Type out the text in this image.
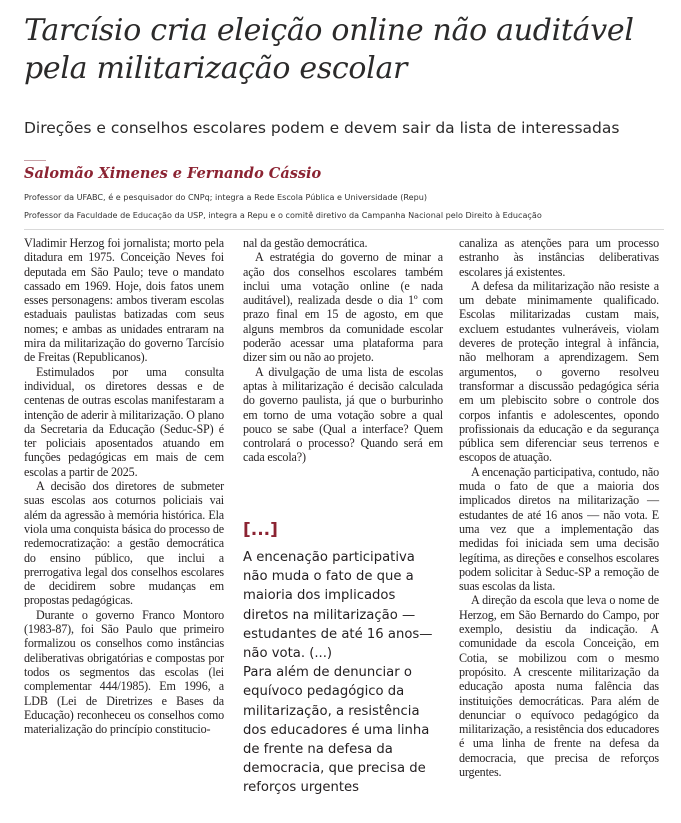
Tarcísio cria eleição online não auditável pela militarização escolar

Direções e conselhos escolares podem e devem sair da lista de interessadas

Salomão Ximenes e Fernando Cássio

Professor da UFABC, é e pesquisador do CNPq; integra a Rede Escola Pública e Universidade (Repu)

Professor da Faculdade de Educação da USP, integra a Repu e o comitê diretivo da Campanha Nacional pelo Direito à Educação

Vladimir Herzog foi jornalista; morto pela ditadura em 1975. Conceição Neves foi deputada em São Paulo; teve o mandato cassado em 1969. Hoje, dois fatos unem esses personagens: ambos tiveram escolas estaduais paulistas batizadas com seus nomes; e ambas as unidades entraram na mira da militarização do governo Tarcísio de Freitas (Republicanos).

Estimulados por uma consulta individual, os diretores dessas e de centenas de outras escolas manifestaram a intenção de aderir à militarização. O plano da Secretaria da Educação (Seduc-SP) é ter policiais aposentados atuando em funções pedagógicas em mais de cem escolas a partir de 2025.

A decisão dos diretores de submeter suas escolas aos coturnos policiais vai além da agressão à memória histórica. Ela viola uma conquista básica do processo de redemocratização: a gestão democrática do ensino público, que inclui a prerrogativa legal dos conselhos escolares de decidirem sobre mudanças em propostas pedagógicas.

Durante o governo Franco Montoro (1983-87), foi São Paulo que primeiro formalizou os conselhos como instâncias deliberativas obrigatórias e compostas por todos os segmentos das escolas (lei complementar 444/1985). Em 1996, a LDB (Lei de Diretrizes e Bases da Educação) reconheceu os conselhos como materialização do princípio constitucio-

nal da gestão democrática.

A estratégia do governo de minar a ação dos conselhos escolares também inclui uma votação online (e nada auditável), realizada desde o dia 1º com prazo final em 15 de agosto, em que alguns membros da comunidade escolar poderão acessar uma plataforma para dizer sim ou não ao projeto.

A divulgação de uma lista de escolas aptas à militarização é decisão calculada do governo paulista, já que o burburinho em torno de uma votação sobre a qual pouco se sabe (Qual a interface? Quem controlará o processo? Quando será em cada escola?)

[...]

A encenação participativa não muda o fato de que a maioria dos implicados diretos na militarização —estudantes de até 16 anos— não vota. (...)

Para além de denunciar o equívoco pedagógico da militarização, a resistência dos educadores é uma linha de frente na defesa da democracia, que precisa de reforços urgentes

canaliza as atenções para um processo estranho às instâncias deliberativas escolares já existentes.

A defesa da militarização não resiste a um debate minimamente qualificado. Escolas militarizadas custam mais, excluem estudantes vulneráveis, violam deveres de proteção integral à infância, não melhoram a aprendizagem. Sem argumentos, o governo resolveu transformar a discussão pedagógica séria em um plebiscito sobre o controle dos corpos infantis e adolescentes, opondo profissionais da educação e da segurança pública sem diferenciar seus terrenos e escopos de atuação.

A encenação participativa, contudo, não muda o fato de que a maioria dos implicados diretos na militarização — estudantes de até 16 anos — não vota. E uma vez que a implementação das medidas foi iniciada sem uma decisão legítima, as direções e conselhos escolares podem solicitar à Seduc-SP a remoção de suas escolas da lista.

A direção da escola que leva o nome de Herzog, em São Bernardo do Campo, por exemplo, desistiu da indicação. A comunidade da escola Conceição, em Cotia, se mobilizou com o mesmo propósito. A crescente militarização da educação aposta numa falência das instituições democráticas. Para além de denunciar o equívoco pedagógico da militarização, a resistência dos educadores é uma linha de frente na defesa da democracia, que precisa de reforços urgentes.
